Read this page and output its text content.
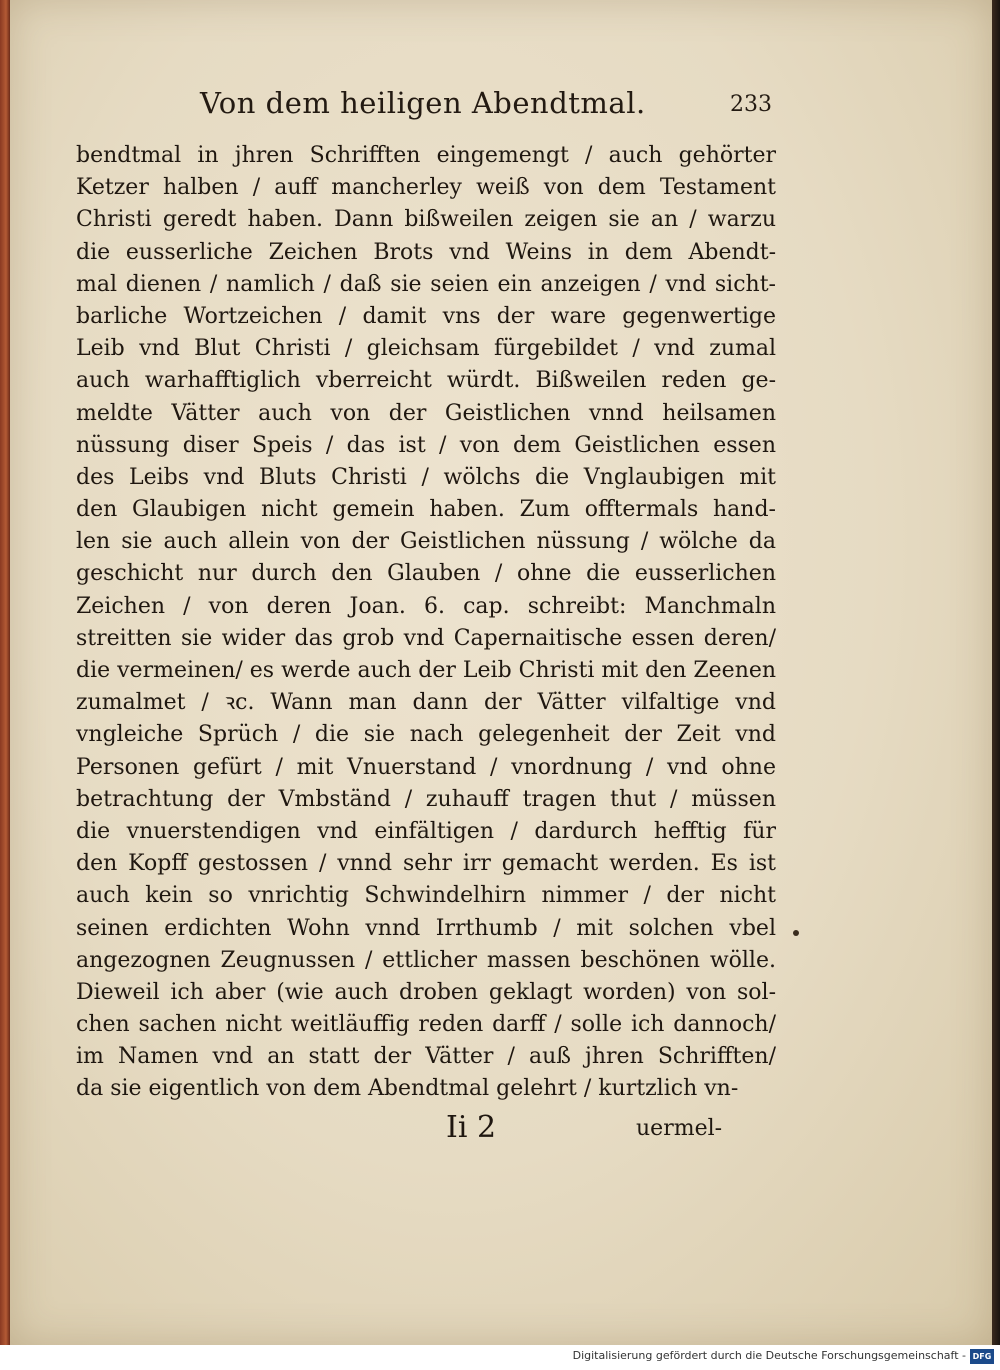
Von dem heiligen Abendtmal.	233
bendtmal in jhren Schrifften eingemengt / auch gehörter
Ketzer halben / auff mancherley weiß von dem Testament
Christi geredt haben. Dann bißweilen zeigen sie an / warzu
die eusserliche Zeichen Brots vnd Weins in dem Abendt-
mal dienen / namlich / daß sie seien ein anzeigen / vnd sicht-
barliche Wortzeichen / damit vns der ware gegenwertige
Leib vnd Blut Christi / gleichsam fürgebildet / vnd zumal
auch warhafftiglich vberreicht würdt. Bißweilen reden ge-
meldte Vätter auch von der Geistlichen vnnd heilsamen
nüssung diser Speis / das ist / von dem Geistlichen essen
des Leibs vnd Bluts Christi / wölchs die Vnglaubigen mit
den Glaubigen nicht gemein haben. Zum offtermals hand-
len sie auch allein von der Geistlichen nüssung / wölche da
geschicht nur durch den Glauben / ohne die eusserlichen
Zeichen / von deren Joan. 6. cap. schreibt: Manchmaln
streitten sie wider das grob vnd Capernaitische essen deren/
die vermeinen/ es werde auch der Leib Christi mit den Zeenen
zumalmet / ꝛc. Wann man dann der Vätter vilfaltige vnd
vngleiche Sprüch / die sie nach gelegenheit der Zeit vnd
Personen gefürt / mit Vnuerstand / vnordnung / vnd ohne
betrachtung der Vmbständ / zuhauff tragen thut / müssen
die vnuerstendigen vnd einfältigen / dardurch hefftig für
den Kopff gestossen / vnnd sehr irr gemacht werden. Es ist
auch kein so vnrichtig Schwindelhirn nimmer / der nicht
seinen erdichten Wohn vnnd Irrthumb / mit solchen vbel
angezognen Zeugnussen / ettlicher massen beschönen wölle.
Dieweil ich aber (wie auch droben geklagt worden) von sol-
chen sachen nicht weitläuffig reden darff / solle ich dannoch/
im Namen vnd an statt der Vätter / auß jhren Schrifften/
da sie eigentlich von dem Abendtmal gelehrt / kurtzlich vn-
Ii 2	uermel-
Digitalisierung gefördert durch die Deutsche Forschungsgemeinschaft - DFG
